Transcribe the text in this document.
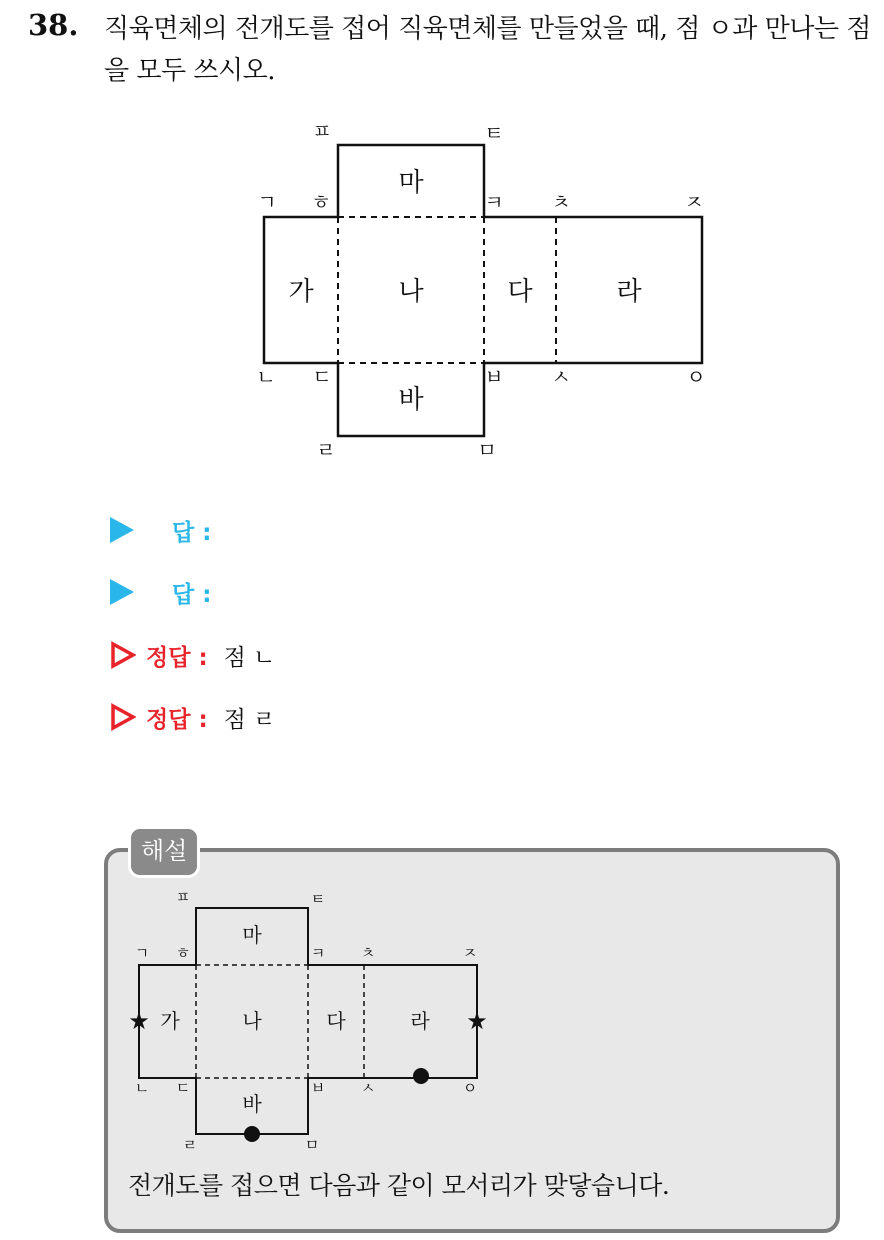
38. 직육면체의 전개도를 접어 직육면체를 만들었을 때, 점 ㅇ과 만나는 점을 모두 쓰시오.
마
가	나	다	라
바
ㅍ	ㅌ
ㄱ ㅎ	ㅋ ㅊ	ㅈ
ㄴ ㄷ	ㅂ ㅅ	ㅇ
ㄹ	ㅁ
답 :
답 :
정답 : 점 ㄴ
정답 : 점 ㄹ
해설
마
가	나	다	라
바
ㅍ	ㅌ
ㄱ ㅎ	ㅋ ㅊ	ㅈ
ㄴ ㄷ	ㅂ ㅅ	ㅇ
ㄹ	ㅁ
★	★
전개도를 접으면 다음과 같이 모서리가 맞닿습니다.
